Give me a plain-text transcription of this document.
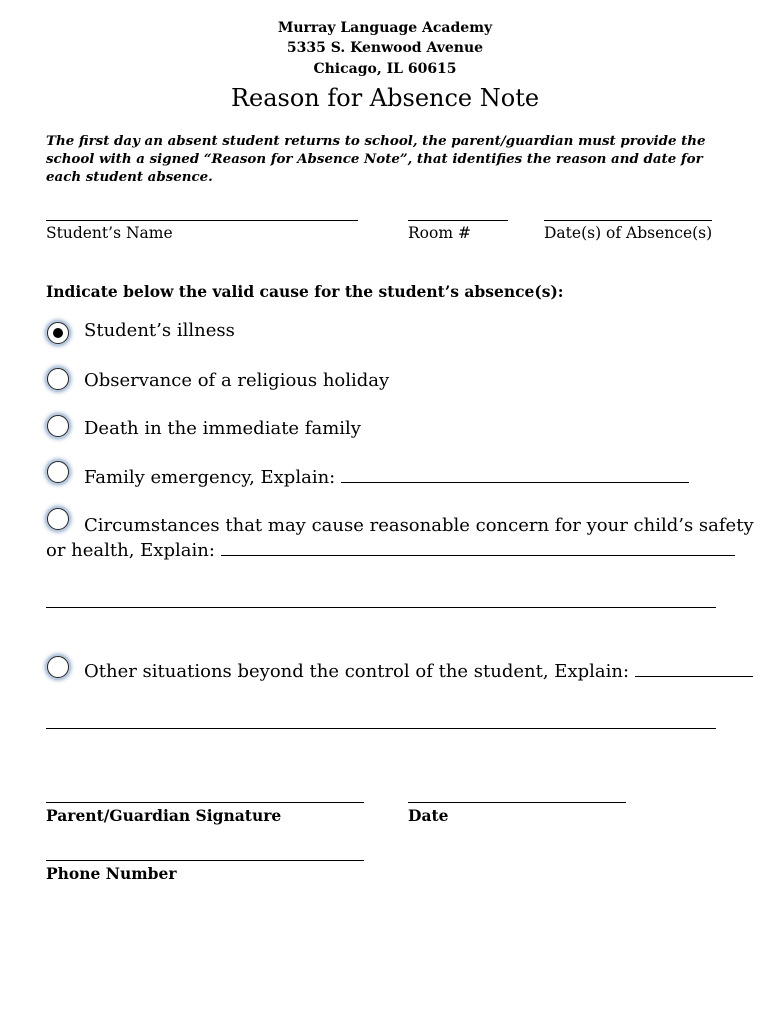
Murray Language Academy
5335 S. Kenwood Avenue
Chicago, IL 60615
Reason for Absence Note
The first day an absent student returns to school, the parent/guardian must provide the school with a signed “Reason for Absence Note”, that identifies the reason and date for each student absence.
Student’s Name	Room #	Date(s) of Absence(s)
Indicate below the valid cause for the student’s absence(s):
Student’s illness
Observance of a religious holiday
Death in the immediate family
Family emergency, Explain:
Circumstances that may cause reasonable concern for your child’s safety
or health, Explain:
Other situations beyond the control of the student, Explain:
Parent/Guardian Signature	Date
Phone Number
